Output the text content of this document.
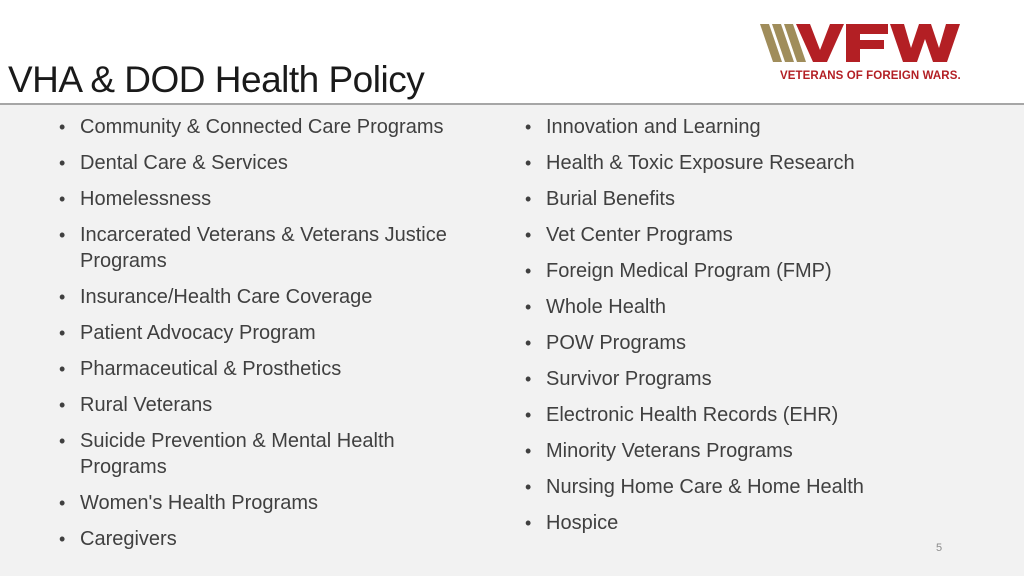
VHA & DOD Health Policy	VETERANS OF FOREIGN WARS.
• Community & Connected Care Programs
• Dental Care & Services
• Homelessness
• Incarcerated Veterans & Veterans Justice Programs
• Insurance/Health Care Coverage
• Patient Advocacy Program
• Pharmaceutical & Prosthetics
• Rural Veterans
• Suicide Prevention & Mental Health Programs
• Women's Health Programs
• Caregivers
• Innovation and Learning
• Health & Toxic Exposure Research
• Burial Benefits
• Vet Center Programs
• Foreign Medical Program (FMP)
• Whole Health
• POW Programs
• Survivor Programs
• Electronic Health Records (EHR)
• Minority Veterans Programs
• Nursing Home Care & Home Health
• Hospice
5
